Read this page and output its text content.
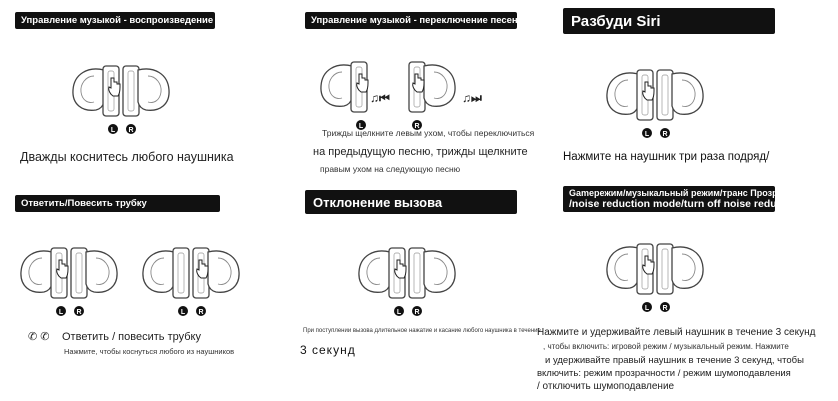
Управление музыкой - воспроизведение / пауза
L R
Дважды коснитесь любого наушника
Управление музыкой - переключение песен
L
♫⏮
R
♫⏭
Трижды щелкните левым ухом, чтобы переключиться
на предыдущую песню, трижды щелкните
правым ухом на следующую песню
Разбуди Siri
L R
Нажмите на наушник три раза подряд/
Ответить/Повесить трубку
L R	L R
✆ ✆ Ответить / повесить трубку
Нажмите, чтобы коснуться любого из наушников
Отклонение вызова
L R
При поступлении вызова длительное нажатие и касание любого наушника в течение
3 секунд
Gameрежим/музыкальный режим/транс Прозрачный режим
/noise reduction mode/turn off noise reduction
L R
Нажмите и удерживайте левый наушник в течение 3 секунд
, чтобы включить: игровой режим / музыкальный режим. Нажмите
и удерживайте правый наушник в течение 3 секунд, чтобы
включить: режим прозрачности / режим шумоподавления
/ отключить шумоподавление
